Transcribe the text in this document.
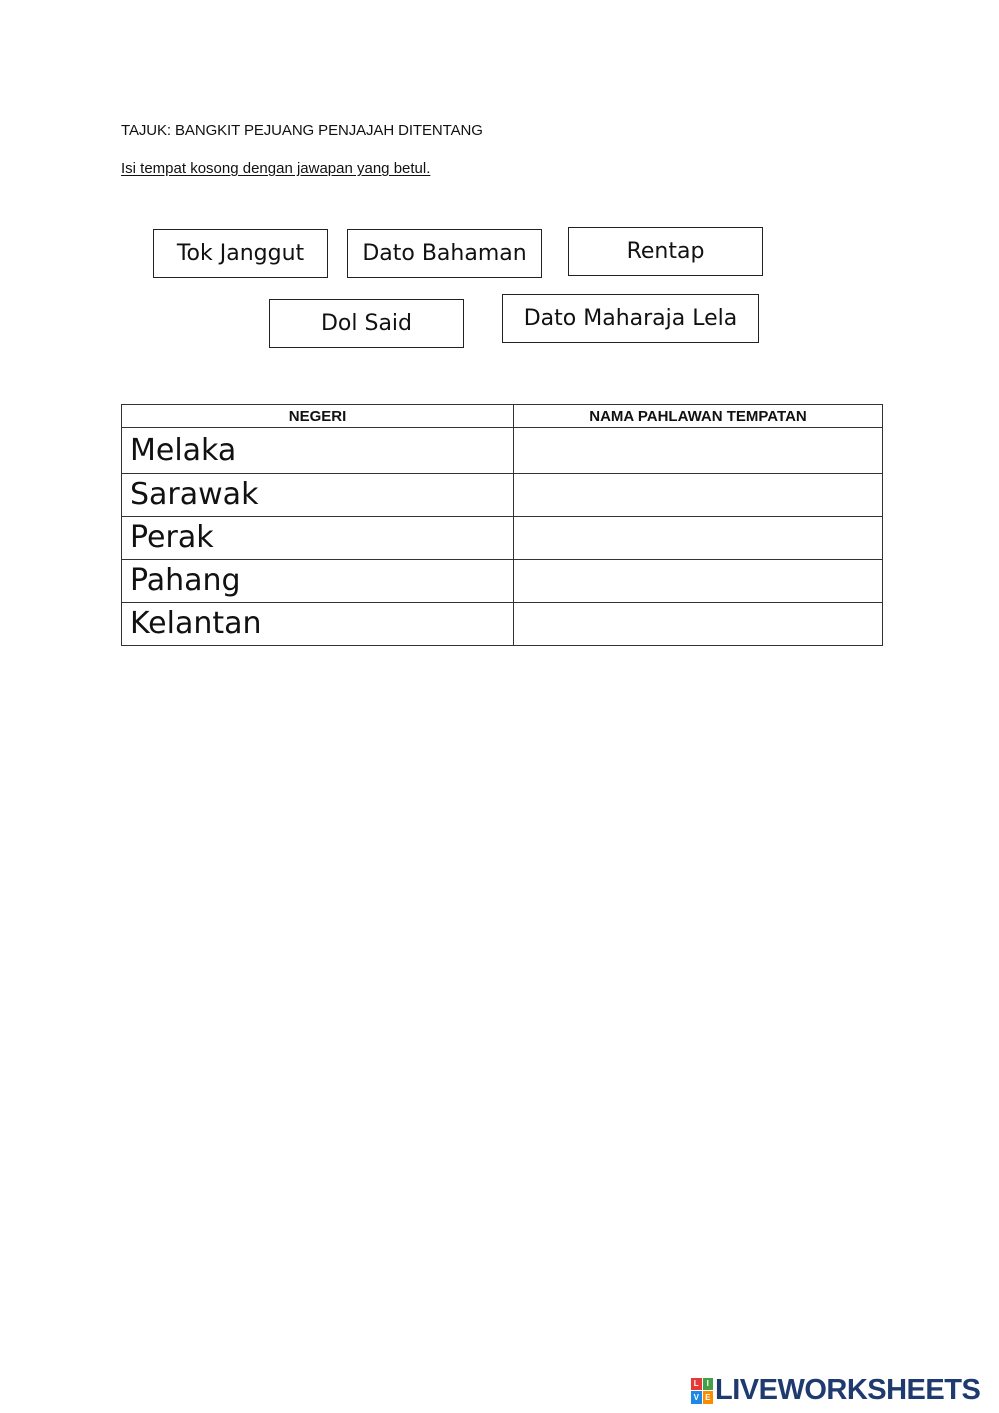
TAJUK: BANGKIT PEJUANG PENJAJAH DITENTANG
Isi tempat kosong dengan jawapan yang betul.
Tok Janggut	Dato Bahaman	Rentap
Dol Said	Dato Maharaja Lela
NEGERI	NAMA PAHLAWAN TEMPATAN
Melaka	
Sarawak	
Perak	
Pahang	
Kelantan	
L I
V E LIVEWORKSHEETS
